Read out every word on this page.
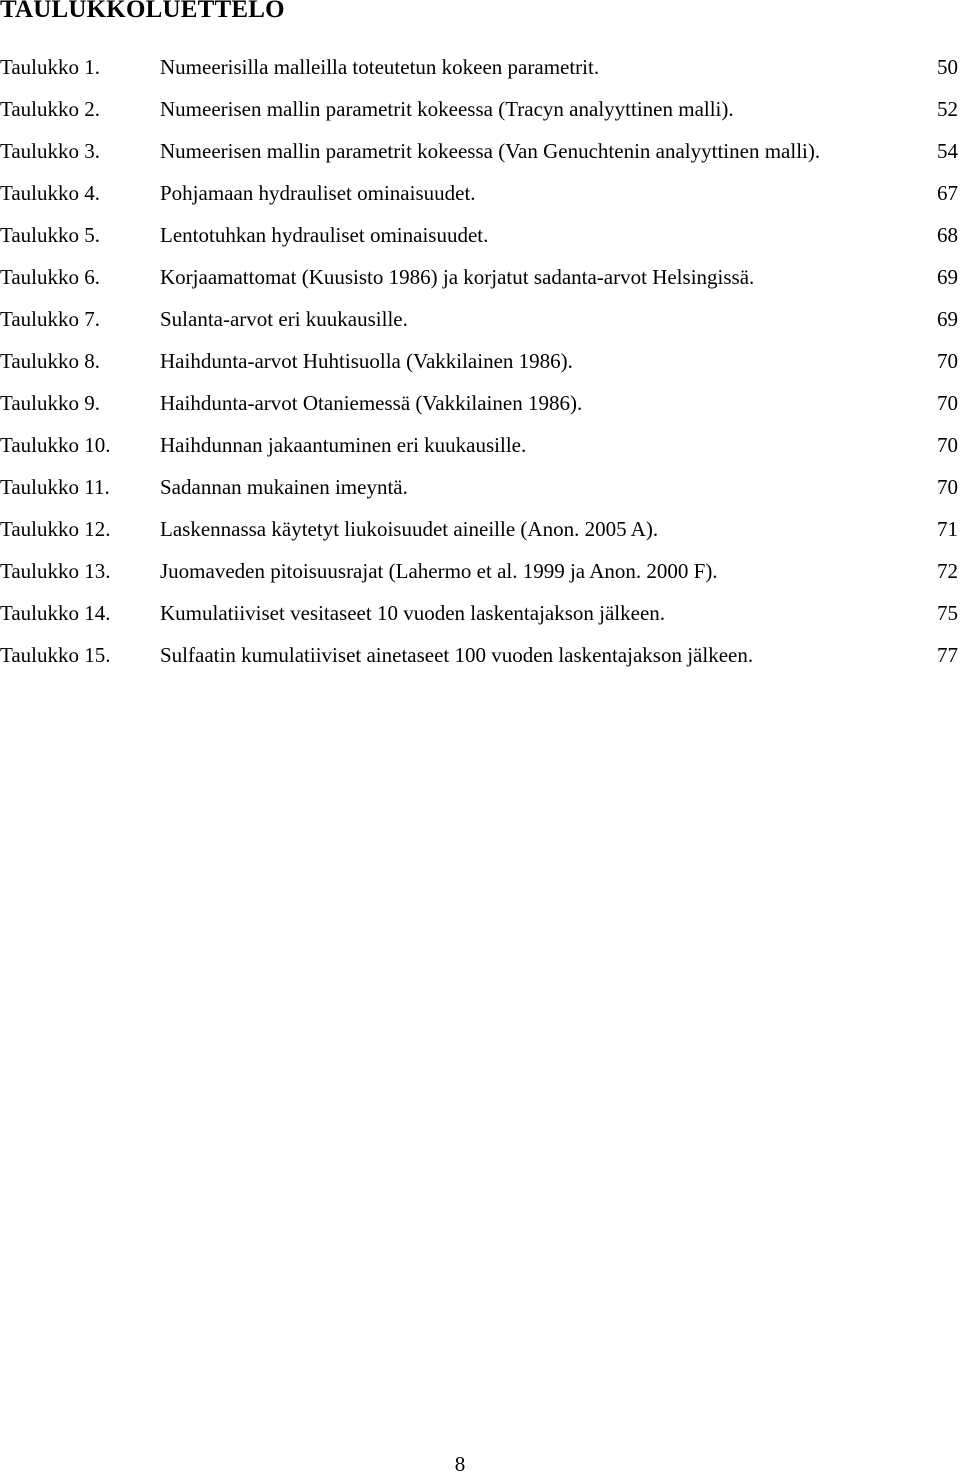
TAULUKKOLUETTELO
Taulukko 1.	Numeerisilla malleilla toteutetun kokeen parametrit.	50
Taulukko 2.	Numeerisen mallin parametrit kokeessa (Tracyn analyyttinen malli).	52
Taulukko 3.	Numeerisen mallin parametrit kokeessa (Van Genuchtenin analyyttinen malli).	54
Taulukko 4.	Pohjamaan hydrauliset ominaisuudet.	67
Taulukko 5.	Lentotuhkan hydrauliset ominaisuudet.	68
Taulukko 6.	Korjaamattomat (Kuusisto 1986) ja korjatut sadanta-arvot Helsingissä.	69
Taulukko 7.	Sulanta-arvot eri kuukausille.	69
Taulukko 8.	Haihdunta-arvot Huhtisuolla (Vakkilainen 1986).	70
Taulukko 9.	Haihdunta-arvot Otaniemessä (Vakkilainen 1986).	70
Taulukko 10. Haihdunnan jakaantuminen eri kuukausille.	70
Taulukko 11. Sadannan mukainen imeyntä.	70
Taulukko 12. Laskennassa käytetyt liukoisuudet aineille (Anon. 2005 A).	71
Taulukko 13. Juomaveden pitoisuusrajat (Lahermo et al. 1999 ja Anon. 2000 F).	72
Taulukko 14. Kumulatiiviset vesitaseet 10 vuoden laskentajakson jälkeen.	75
Taulukko 15. Sulfaatin kumulatiiviset ainetaseet 100 vuoden laskentajakson jälkeen.	77
8
